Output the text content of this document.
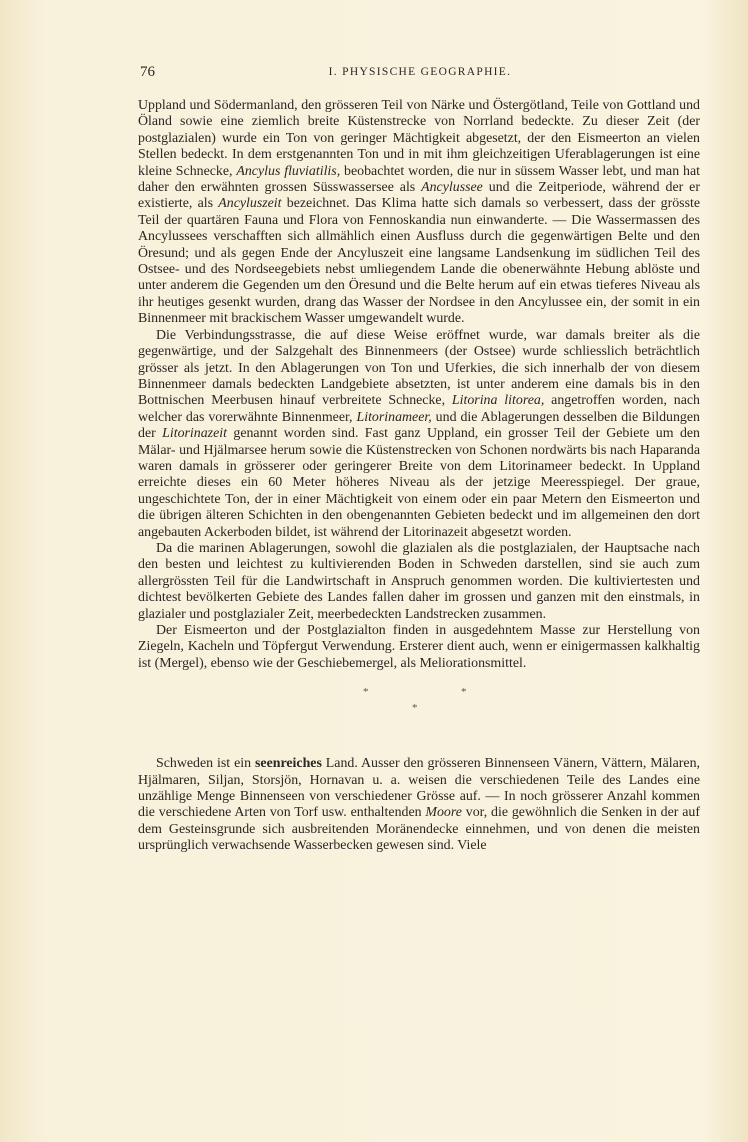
76	I. PHYSISCHE GEOGRAPHIE.

Uppland und Södermanland, den grösseren Teil von Närke und Östergötland, Teile von Gottland und Öland sowie eine ziemlich breite Küstenstrecke von Norrland bedeckte. Zu dieser Zeit (der postglazialen) wurde ein Ton von geringer Mächtigkeit abgesetzt, der den Eismeerton an vielen Stellen bedeckt. In dem erstgenannten Ton und in mit ihm gleichzeitigen Uferablagerungen ist eine kleine Schnecke, Ancylus fluviatilis, beobachtet worden, die nur in süssem Wasser lebt, und man hat daher den erwähnten grossen Süsswassersee als Ancylussee und die Zeitperiode, während der er existierte, als Ancyluszeit bezeichnet. Das Klima hatte sich damals so verbessert, dass der grösste Teil der quartären Fauna und Flora von Fennoskandia nun einwanderte. — Die Wassermassen des Ancylussees verschafften sich allmählich einen Ausfluss durch die gegenwärtigen Belte und den Öresund; und als gegen Ende der Ancyluszeit eine langsame Landsenkung im südlichen Teil des Ostsee- und des Nordseegebiets nebst umliegendem Lande die obenerwähnte Hebung ablöste und unter anderem die Gegenden um den Öresund und die Belte herum auf ein etwas tieferes Niveau als ihr heutiges gesenkt wurden, drang das Wasser der Nordsee in den Ancylussee ein, der somit in ein Binnenmeer mit brackischem Wasser umgewandelt wurde.

Die Verbindungsstrasse, die auf diese Weise eröffnet wurde, war damals breiter als die gegenwärtige, und der Salzgehalt des Binnenmeers (der Ostsee) wurde schliesslich beträchtlich grösser als jetzt. In den Ablagerungen von Ton und Uferkies, die sich innerhalb der von diesem Binnenmeer damals bedeckten Landgebiete absetzten, ist unter anderem eine damals bis in den Bottnischen Meerbusen hinauf verbreitete Schnecke, Litorina litorea, angetroffen worden, nach welcher das vorerwähnte Binnenmeer, Litorinameer, und die Ablagerungen desselben die Bildungen der Litorinazeit genannt worden sind. Fast ganz Uppland, ein grosser Teil der Gebiete um den Mälar- und Hjälmarsee herum sowie die Küstenstrecken von Schonen nordwärts bis nach Haparanda waren damals in grösserer oder geringerer Breite von dem Litorinameer bedeckt. In Uppland erreichte dieses ein 60 Meter höheres Niveau als der jetzige Meeresspiegel. Der graue, ungeschichtete Ton, der in einer Mächtigkeit von einem oder ein paar Metern den Eismeerton und die übrigen älteren Schichten in den obengenannten Gebieten bedeckt und im allgemeinen den dort angebauten Ackerboden bildet, ist während der Litorinazeit abgesetzt worden.

Da die marinen Ablagerungen, sowohl die glazialen als die postglazialen, der Hauptsache nach den besten und leichtest zu kultivierenden Boden in Schweden darstellen, sind sie auch zum allergrössten Teil für die Landwirtschaft in Anspruch genommen worden. Die kultiviertesten und dichtest bevölkerten Gebiete des Landes fallen daher im grossen und ganzen mit den einstmals, in glazialer und postglazialer Zeit, meerbedeckten Landstrecken zusammen.

Der Eismeerton und der Postglazialton finden in ausgedehntem Masse zur Herstellung von Ziegeln, Kacheln und Töpfergut Verwendung. Ersterer dient auch, wenn er einigermassen kalkhaltig ist (Mergel), ebenso wie der Geschiebemergel, als Meliorationsmittel.

*	*
*

Schweden ist ein seenreiches Land. Ausser den grösseren Binnenseen Vänern, Vättern, Mälaren, Hjälmaren, Siljan, Storsjön, Hornavan u. a. weisen die verschiedenen Teile des Landes eine unzählige Menge Binnenseen von verschiedener Grösse auf. — In noch grösserer Anzahl kommen die verschiedene Arten von Torf usw. enthaltenden Moore vor, die gewöhnlich die Senken in der auf dem Gesteinsgrunde sich ausbreitenden Moränendecke einnehmen, und von denen die meisten ursprünglich verwachsende Wasserbecken gewesen sind. Viele
